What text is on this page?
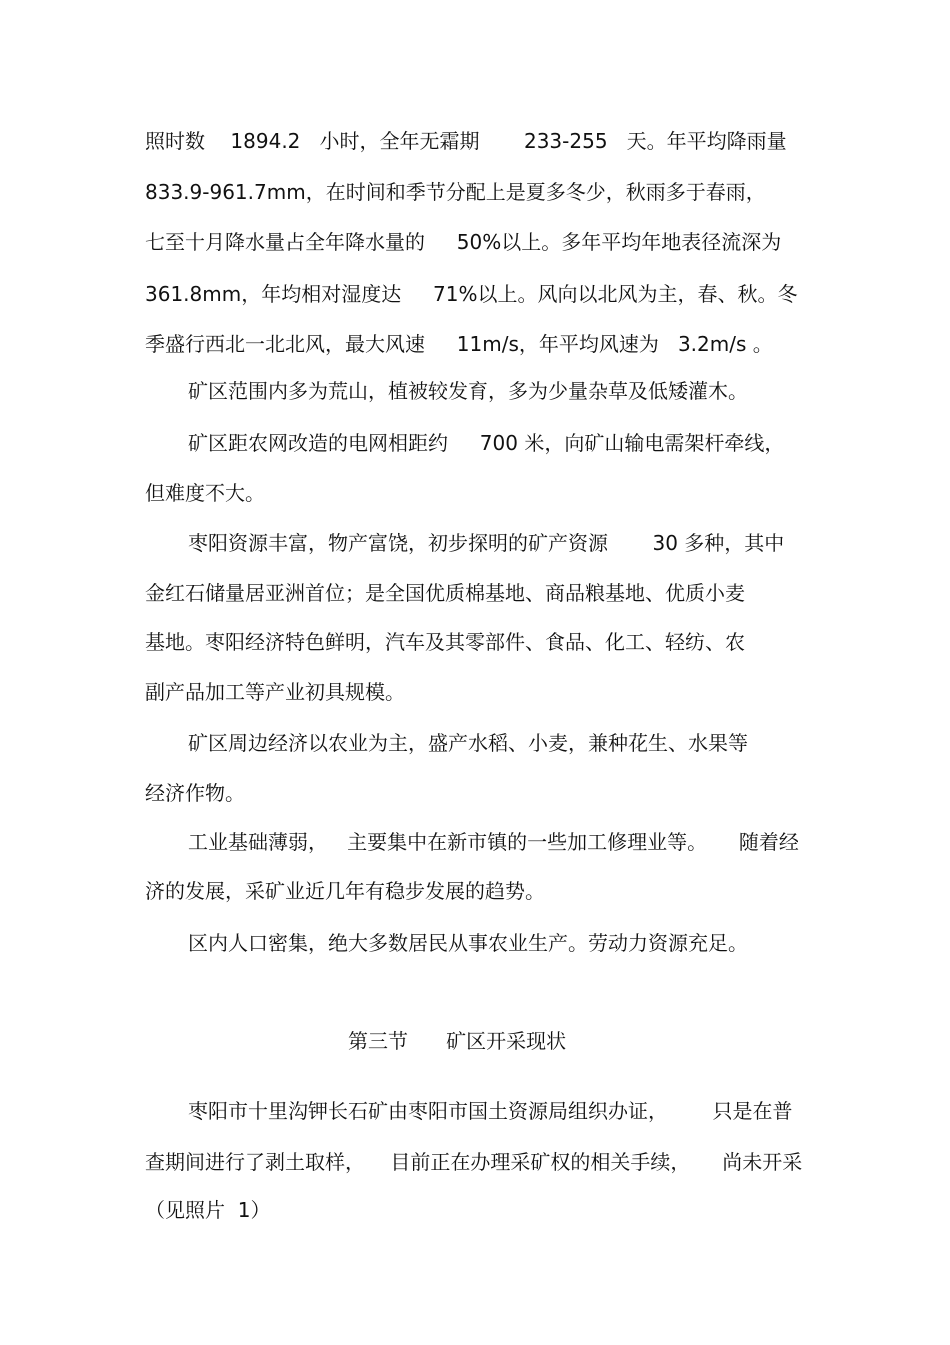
照时数    1894.2   小时，全年无霜期       233-255   天。年平均降雨量
833.9-961.7mm，在时间和季节分配上是夏多冬少，秋雨多于春雨，
七至十月降水量占全年降水量的     50%以上。多年平均年地表径流深为
361.8mm，年均相对湿度达     71%以上。风向以北风为主，春、秋。冬
季盛行西北一北北风，最大风速     11m/s，年平均风速为   3.2m/s 。
矿区范围内多为荒山，植被较发育，多为少量杂草及低矮灌木。
矿区距农网改造的电网相距约     700 米，向矿山输电需架杆牵线，
但难度不大。
枣阳资源丰富，物产富饶，初步探明的矿产资源       30 多种，其中
金红石储量居亚洲首位；是全国优质棉基地、商品粮基地、优质小麦
基地。枣阳经济特色鲜明，汽车及其零部件、食品、化工、轻纺、农
副产品加工等产业初具规模。
矿区周边经济以农业为主，盛产水稻、小麦，兼种花生、水果等
经济作物。
工业基础薄弱，   主要集中在新市镇的一些加工修理业等。     随着经
济的发展，采矿业近几年有稳步发展的趋势。
区内人口密集，绝大多数居民从事农业生产。劳动力资源充足。
第三节      矿区开采现状
枣阳市十里沟钾长石矿由枣阳市国土资源局组织办证，       只是在普
查期间进行了剥土取样，    目前正在办理采矿权的相关手续，     尚未开采
（见照片  1）
